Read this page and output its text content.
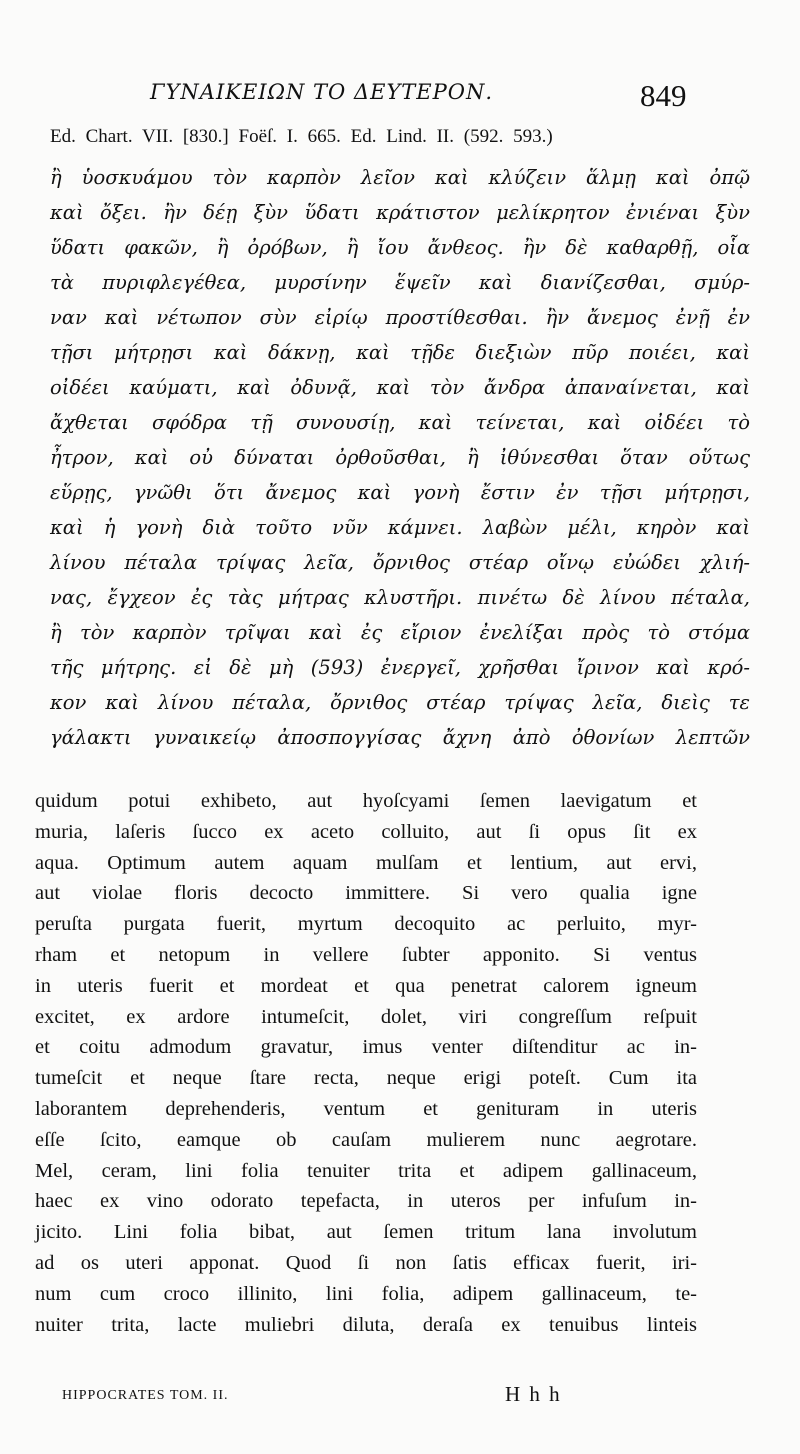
ΓΥΝΑΙΚΕΙΩΝ ΤΟ ΔΕΥΤΕΡΟΝ.	849
Ed. Chart. VII. [830.] Foëſ. I. 665. Ed. Lind. II. (592. 593.)
ἢ ὑοσκυάμου τὸν καρπὸν λεῖον καὶ κλύζειν ἅλμῃ καὶ ὀπῷ
καὶ ὄξει. ἢν δέῃ ξὺν ὕδατι κράτιστον μελίκρητον ἐνιέναι ξὺν
ὕδατι φακῶν, ἢ ὀρόβων, ἢ ἴου ἄνθεος. ἢν δὲ καθαρθῇ, οἷα
τὰ πυριφλεγέθεα, μυρσίνην ἕψεῖν καὶ διανίζεσθαι, σμύρ-
ναν καὶ νέτωπον σὺν εἰρίῳ προστίθεσθαι. ἢν ἄνεμος ἐνῇ ἐν
τῇσι μήτρῃσι καὶ δάκνῃ, καὶ τῇδε διεξιὼν πῦρ ποιέει, καὶ
οἰδέει καύματι, καὶ ὀδυνᾷ, καὶ τὸν ἄνδρα ἀπαναίνεται, καὶ
ἄχθεται σφόδρα τῇ συνουσίῃ, καὶ τείνεται, καὶ οἰδέει τὸ
ἦτρον, καὶ οὐ δύναται ὀρθοῦσθαι, ἢ ἰθύνεσθαι ὅταν οὕτως
εὕρῃς, γνῶθι ὅτι ἄνεμος καὶ γονὴ ἔστιν ἐν τῇσι μήτρῃσι,
καὶ ἡ γονὴ διὰ τοῦτο νῦν κάμνει. λαβὼν μέλι, κηρὸν καὶ
λίνου πέταλα τρίψας λεῖα, ὄρνιθος στέαρ οἴνῳ εὐώδει χλιή-
νας, ἔγχεον ἐς τὰς μήτρας κλυστῆρι. πινέτω δὲ λίνου πέταλα,
ἢ τὸν καρπὸν τρῖψαι καὶ ἐς εἴριον ἐνελίξαι πρὸς τὸ στόμα
τῆς μήτρης. εἰ δὲ μὴ (593) ἐνεργεῖ, χρῆσθαι ἴρινον καὶ κρό-
κον καὶ λίνου πέταλα, ὄρνιθος στέαρ τρίψας λεῖα, διεὶς τε
γάλακτι γυναικείῳ ἀποσπογγίσας ἄχνη ἀπὸ ὀθονίων λεπτῶν
quidum potui exhibeto, aut hyoſcyami ſemen laevigatum et
muria, laſeris ſucco ex aceto colluito, aut ſi opus ſit ex
aqua. Optimum autem aquam mulſam et lentium, aut ervi,
aut violae floris decocto immittere. Si vero qualia igne
peruſta purgata fuerit, myrtum decoquito ac perluito, myr-
rham et netopum in vellere ſubter apponito. Si ventus
in uteris fuerit et mordeat et qua penetrat calorem igneum
excitet, ex ardore intumeſcit, dolet, viri congreſſum reſpuit
et coitu admodum gravatur, imus venter diſtenditur ac in-
tumeſcit et neque ſtare recta, neque erigi poteſt. Cum ita
laborantem deprehenderis, ventum et genituram in uteris
eſſe ſcito, eamque ob cauſam mulierem nunc aegrotare.
Mel, ceram, lini folia tenuiter trita et adipem gallinaceum,
haec ex vino odorato tepefacta, in uteros per infuſum in-
jicito. Lini folia bibat, aut ſemen tritum lana involutum
ad os uteri apponat. Quod ſi non ſatis efficax fuerit, iri-
num cum croco illinito, lini folia, adipem gallinaceum, te-
nuiter trita, lacte muliebri diluta, deraſa ex tenuibus linteis
HIPPOCRATES TOM. II.	H h h
